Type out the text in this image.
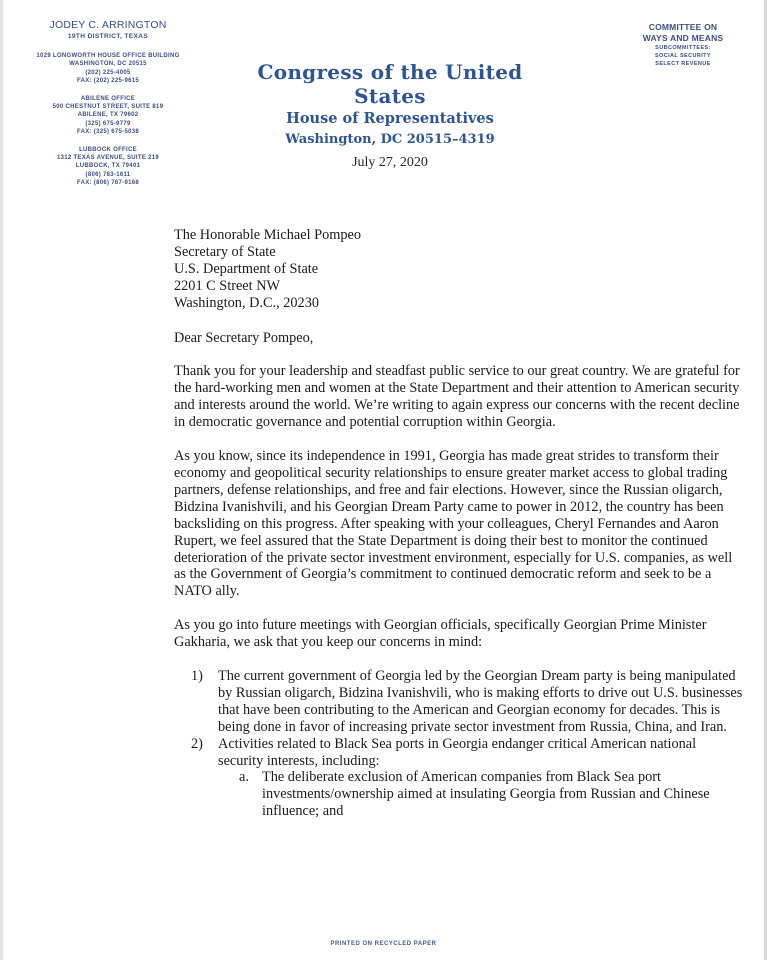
JODEY C. ARRINGTON
19TH DISTRICT, TEXAS
1029 LONGWORTH HOUSE OFFICE BUILDING
WASHINGTON, DC 20515
(202) 225-4005
FAX: (202) 225-9615
ABILENE OFFICE
500 CHESTNUT STREET, SUITE 819
ABILENE, TX 79602
(325) 675-9779
FAX: (325) 675-5038
LUBBOCK OFFICE
1312 TEXAS AVENUE, SUITE 219
LUBBOCK, TX 79401
(806) 763-1611
FAX: (806) 767-9168
COMMITTEE ON
WAYS AND MEANS
SUBCOMMITTEES:
SOCIAL SECURITY
SELECT REVENUE
Congress of the United States
House of Representatives
Washington, DC 20515–4319
July 27, 2020
The Honorable Michael Pompeo
Secretary of State
U.S. Department of State
2201 C Street NW
Washington, D.C., 20230

Dear Secretary Pompeo,

Thank you for your leadership and steadfast public service to our great country. We are grateful for the hard-working men and women at the State Department and their attention to American security and interests around the world. We’re writing to again express our concerns with the recent decline in democratic governance and potential corruption within Georgia.

As you know, since its independence in 1991, Georgia has made great strides to transform their economy and geopolitical security relationships to ensure greater market access to global trading partners, defense relationships, and free and fair elections. However, since the Russian oligarch, Bidzina Ivanishvili, and his Georgian Dream Party came to power in 2012, the country has been backsliding on this progress. After speaking with your colleagues, Cheryl Fernandes and Aaron Rupert, we feel assured that the State Department is doing their best to monitor the continued deterioration of the private sector investment environment, especially for U.S. companies, as well as the Government of Georgia’s commitment to continued democratic reform and seek to be a NATO ally.

As you go into future meetings with Georgian officials, specifically Georgian Prime Minister Gakharia, we ask that you keep our concerns in mind:

1) The current government of Georgia led by the Georgian Dream party is being manipulated by Russian oligarch, Bidzina Ivanishvili, who is making efforts to drive out U.S. businesses that have been contributing to the American and Georgian economy for decades. This is being done in favor of increasing private sector investment from Russia, China, and Iran.
2) Activities related to Black Sea ports in Georgia endanger critical American national security interests, including:
a. The deliberate exclusion of American companies from Black Sea port investments/ownership aimed at insulating Georgia from Russian and Chinese influence; and
PRINTED ON RECYCLED PAPER
